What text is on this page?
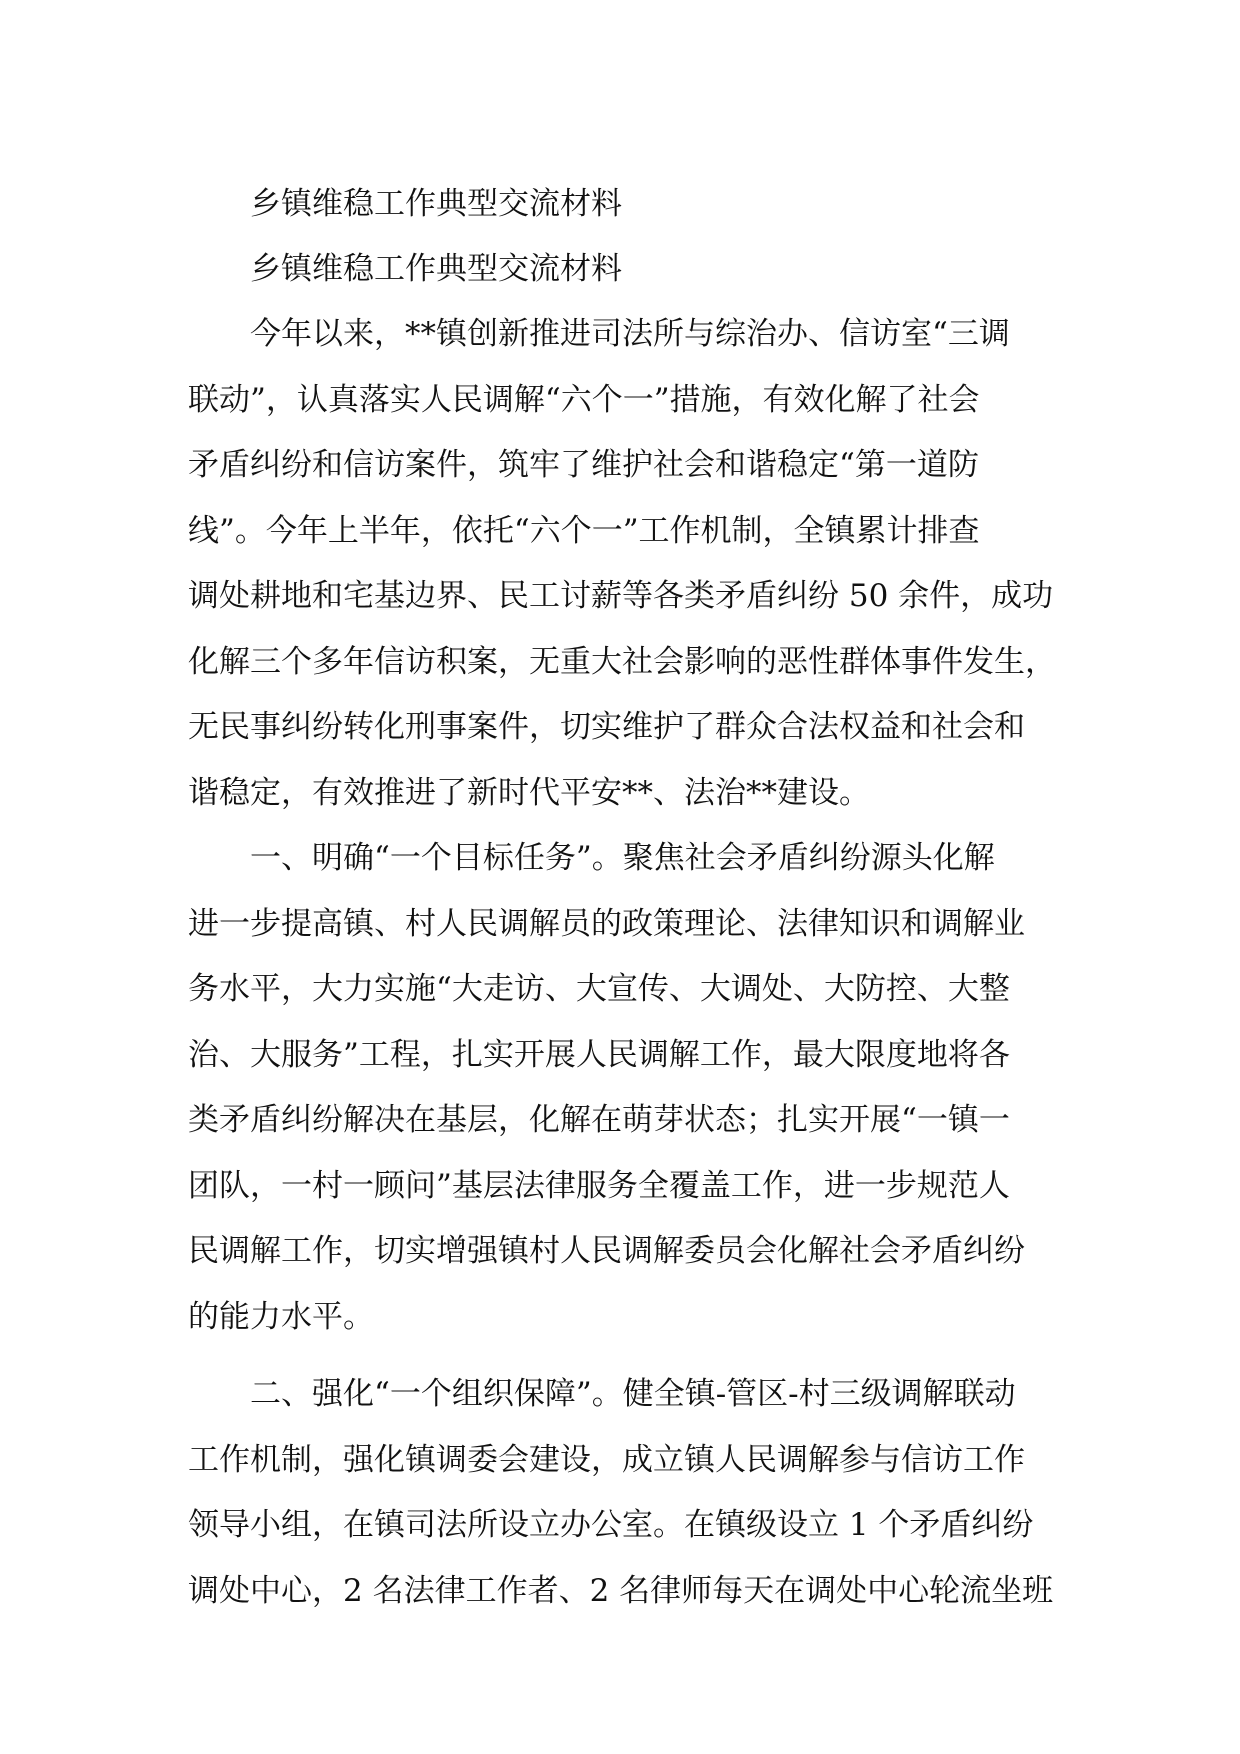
乡镇维稳工作典型交流材料

乡镇维稳工作典型交流材料

今年以来，**镇创新推进司法所与综治办、信访室“三调
联动”，认真落实人民调解“六个一”措施，有效化解了社会
矛盾纠纷和信访案件，筑牢了维护社会和谐稳定“第一道防
线”。今年上半年，依托“六个一”工作机制，全镇累计排查
调处耕地和宅基边界、民工讨薪等各类矛盾纠纷 50 余件，成功
化解三个多年信访积案，无重大社会影响的恶性群体事件发生，
无民事纠纷转化刑事案件，切实维护了群众合法权益和社会和
谐稳定，有效推进了新时代平安**、法治**建设。
一、明确“一个目标任务”。聚焦社会矛盾纠纷源头化解
进一步提高镇、村人民调解员的政策理论、法律知识和调解业
务水平，大力实施“大走访、大宣传、大调处、大防控、大整
治、大服务”工程，扎实开展人民调解工作，最大限度地将各
类矛盾纠纷解决在基层，化解在萌芽状态；扎实开展“一镇一
团队，一村一顾问”基层法律服务全覆盖工作，进一步规范人
民调解工作，切实增强镇村人民调解委员会化解社会矛盾纠纷
的能力水平。
二、强化“一个组织保障”。健全镇-管区-村三级调解联动
工作机制，强化镇调委会建设，成立镇人民调解参与信访工作
领导小组，在镇司法所设立办公室。在镇级设立 1 个矛盾纠纷
调处中心，2 名法律工作者、2 名律师每天在调处中心轮流坐班
